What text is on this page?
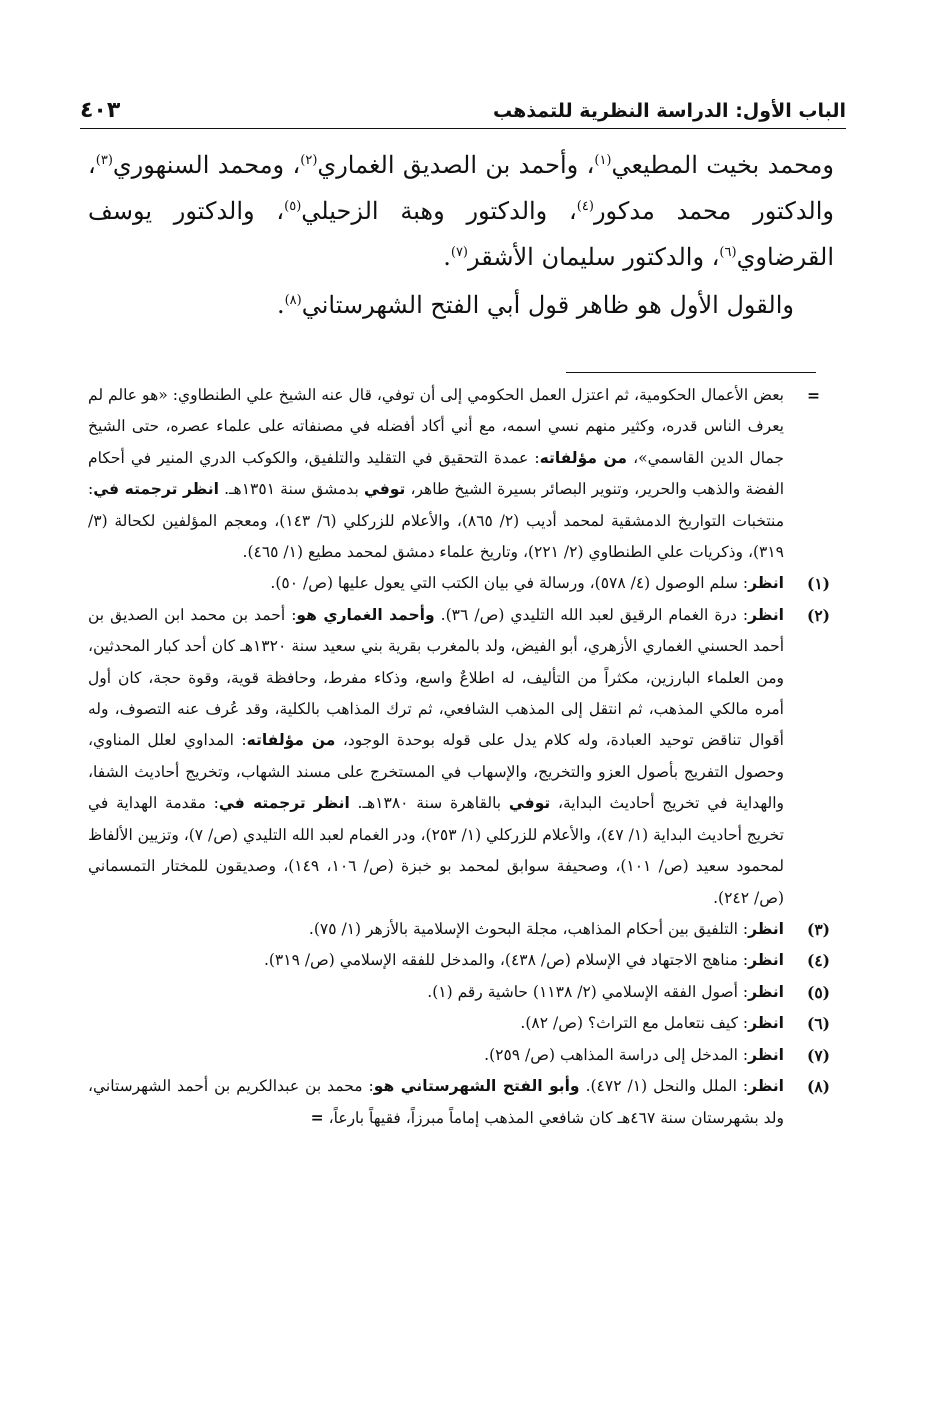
الباب الأول: الدراسة النظرية للتمذهب
٤٠٣

ومحمد بخيت المطيعي$^{(١)}$، وأحمد بن الصديق الغماري$^{(٢)}$، ومحمد السنهوري$^{(٣)}$، والدكتور محمد مدكور$^{(٤)}$، والدكتور وهبة الزحيلي$^{(٥)}$، والدكتور يوسف القرضاوي$^{(٦)}$، والدكتور سليمان الأشقر$^{(٧)}$.

والقول الأول هو ظاهر قول أبي الفتح الشهرستاني$^{(٨)}$.

=
بعض الأعمال الحكومية، ثم اعتزل العمل الحكومي إلى أن توفي، قال عنه الشيخ علي الطنطاوي: «هو عالم لم يعرف الناس قدره، وكثير منهم نسي اسمه، مع أني أكاد أفضله في مصنفاته على علماء عصره، حتى الشيخ جمال الدين القاسمي»، من مؤلفاته: عمدة التحقيق في التقليد والتلفيق، والكوكب الدري المنير في أحكام الفضة والذهب والحرير، وتنوير البصائر بسيرة الشيخ طاهر، توفي بدمشق سنة ١٣٥١هـ. انظر ترجمته في: منتخبات التواريخ الدمشقية لمحمد أديب (٢/ ٨٦٥)، والأعلام للزركلي (٦/ ١٤٣)، ومعجم المؤلفين لكحالة (٣/ ٣١٩)، وذكريات علي الطنطاوي (٢/ ٢٢١)، وتاريخ علماء دمشق لمحمد مطيع (١/ ٤٦٥).
(١)
انظر: سلم الوصول (٤/ ٥٧٨)، ورسالة في بيان الكتب التي يعول عليها (ص/ ٥٠).
(٢)
انظر: درة الغمام الرقيق لعبد الله التليدي (ص/ ٣٦). وأحمد الغماري هو: أحمد بن محمد ابن الصديق بن أحمد الحسني الغماري الأزهري، أبو الفيض، ولد بالمغرب بقرية بني سعيد سنة ١٣٢٠هـ كان أحد كبار المحدثين، ومن العلماء البارزين، مكثراً من التأليف، له اطلاعٌ واسع، وذكاء مفرط، وحافظة قوية، وقوة حجة، كان أول أمره مالكي المذهب، ثم انتقل إلى المذهب الشافعي، ثم ترك المذاهب بالكلية، وقد عُرف عنه التصوف، وله أقوال تناقض توحيد العبادة، وله كلام يدل على قوله بوحدة الوجود، من مؤلفاته: المداوي لعلل المناوي، وحصول التفريج بأصول العزو والتخريج، والإسهاب في المستخرج على مسند الشهاب، وتخريج أحاديث الشفا، والهداية في تخريج أحاديث البداية، توفي بالقاهرة سنة ١٣٨٠هـ. انظر ترجمته في: مقدمة الهداية في تخريج أحاديث البداية (١/ ٤٧)، والأعلام للزركلي (١/ ٢٥٣)، ودر الغمام لعبد الله التليدي (ص/ ٧)، وتزيين الألفاظ لمحمود سعيد (ص/ ١٠١)، وصحيفة سوابق لمحمد بو خبزة (ص/ ١٠٦، ١٤٩)، وصديقون للمختار التمسماني (ص/ ٢٤٢).
(٣)
انظر: التلفيق بين أحكام المذاهب، مجلة البحوث الإسلامية بالأزهر (١/ ٧٥).
(٤)
انظر: مناهج الاجتهاد في الإسلام (ص/ ٤٣٨)، والمدخل للفقه الإسلامي (ص/ ٣١٩).
(٥)
انظر: أصول الفقه الإسلامي (٢/ ١١٣٨) حاشية رقم (١).
(٦)
انظر: كيف نتعامل مع التراث؟ (ص/ ٨٢).
(٧)
انظر: المدخل إلى دراسة المذاهب (ص/ ٢٥٩).
(٨)
انظر: الملل والنحل (١/ ٤٧٢). وأبو الفتح الشهرستاني هو: محمد بن عبدالكريم بن أحمد الشهرستاني، ولد بشهرستان سنة ٤٦٧هـ كان شافعي المذهب إماماً مبرزاً، فقيهاً بارعاً، =
